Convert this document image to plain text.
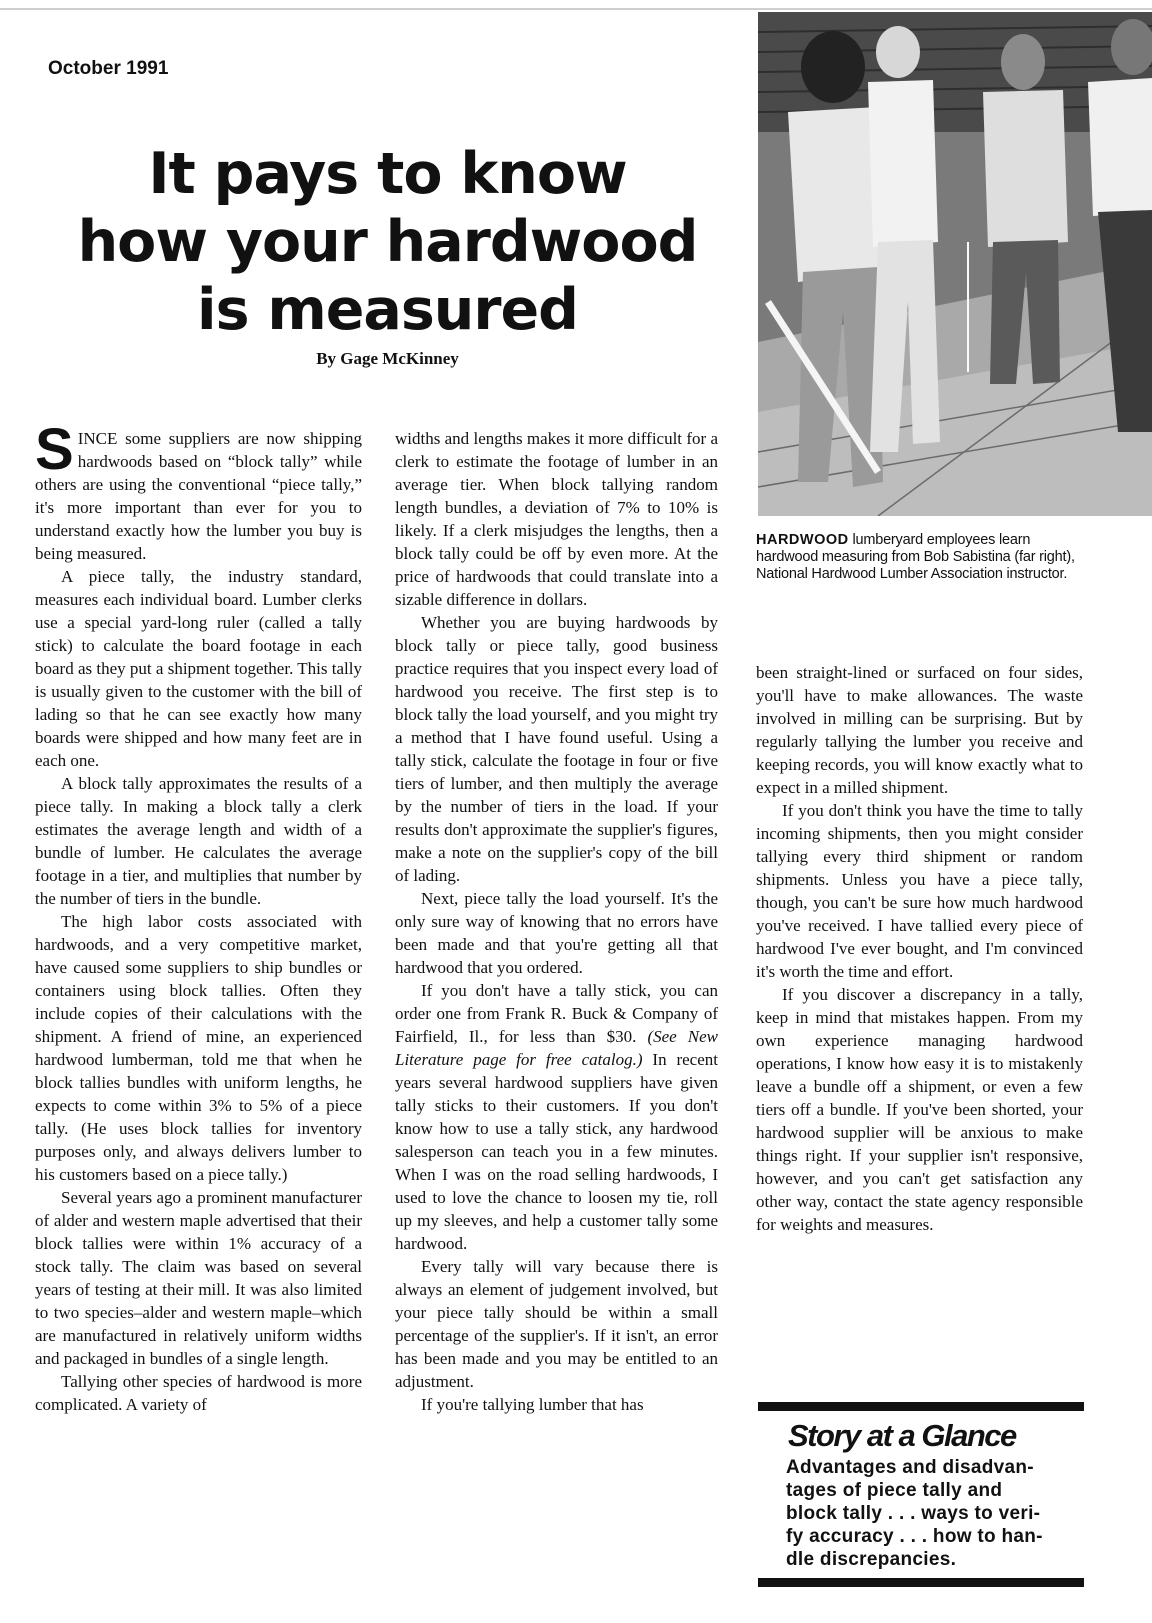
October 1991
It pays to know
how your hardwood
is measured
By Gage McKinney
HARDWOOD lumberyard employees learn hardwood measuring from Bob Sabistina (far right), National Hardwood Lumber Association instructor.

SINCE some suppliers are now shipping hardwoods based on “block tally” while others are using the conventional “piece tally,” it's more important than ever for you to understand exactly how the lumber you buy is being measured.

A piece tally, the industry standard, measures each individual board. Lumber clerks use a special yard-long ruler (called a tally stick) to calculate the board footage in each board as they put a shipment together. This tally is usually given to the customer with the bill of lading so that he can see exactly how many boards were shipped and how many feet are in each one.

A block tally approximates the results of a piece tally. In making a block tally a clerk estimates the average length and width of a bundle of lumber. He calculates the average footage in a tier, and multiplies that number by the number of tiers in the bundle.

The high labor costs associated with hardwoods, and a very competitive market, have caused some suppliers to ship bundles or containers using block tallies. Often they include copies of their calculations with the shipment. A friend of mine, an experienced hardwood lumberman, told me that when he block tallies bundles with uniform lengths, he expects to come within 3% to 5% of a piece tally. (He uses block tallies for inventory purposes only, and always delivers lumber to his customers based on a piece tally.)

Several years ago a prominent manufacturer of alder and western maple advertised that their block tallies were within 1% accuracy of a stock tally. The claim was based on several years of testing at their mill. It was also limited to two species–alder and western maple–which are manufactured in relatively uniform widths and packaged in bundles of a single length.

Tallying other species of hardwood is more complicated. A variety of

widths and lengths makes it more difficult for a clerk to estimate the footage of lumber in an average tier. When block tallying random length bundles, a deviation of 7% to 10% is likely. If a clerk misjudges the lengths, then a block tally could be off by even more. At the price of hardwoods that could translate into a sizable difference in dollars.

Whether you are buying hardwoods by block tally or piece tally, good business practice requires that you inspect every load of hardwood you receive. The first step is to block tally the load yourself, and you might try a method that I have found useful. Using a tally stick, calculate the footage in four or five tiers of lumber, and then multiply the average by the number of tiers in the load. If your results don't approximate the supplier's figures, make a note on the supplier's copy of the bill of lading.

Next, piece tally the load yourself. It's the only sure way of knowing that no errors have been made and that you're getting all that hardwood that you ordered.

If you don't have a tally stick, you can order one from Frank R. Buck & Company of Fairfield, Il., for less than $30. (See New Literature page for free catalog.) In recent years several hardwood suppliers have given tally sticks to their customers. If you don't know how to use a tally stick, any hardwood salesperson can teach you in a few minutes. When I was on the road selling hardwoods, I used to love the chance to loosen my tie, roll up my sleeves, and help a customer tally some hardwood.

Every tally will vary because there is always an element of judgement involved, but your piece tally should be within a small percentage of the supplier's. If it isn't, an error has been made and you may be entitled to an adjustment.

If you're tallying lumber that has

been straight-lined or surfaced on four sides, you'll have to make allowances. The waste involved in milling can be surprising. But by regularly tallying the lumber you receive and keeping records, you will know exactly what to expect in a milled shipment.

If you don't think you have the time to tally incoming shipments, then you might consider tallying every third shipment or random shipments. Unless you have a piece tally, though, you can't be sure how much hardwood you've received. I have tallied every piece of hardwood I've ever bought, and I'm convinced it's worth the time and effort.

If you discover a discrepancy in a tally, keep in mind that mistakes happen. From my own experience managing hardwood operations, I know how easy it is to mistakenly leave a bundle off a shipment, or even a few tiers off a bundle. If you've been shorted, your hardwood supplier will be anxious to make things right. If your supplier isn't responsive, however, and you can't get satisfaction any other way, contact the state agency responsible for weights and measures.

Story at a Glance
Advantages and disadvan-
tages of piece tally and
block tally . . . ways to veri-
fy accuracy . . . how to han-
dle discrepancies.
